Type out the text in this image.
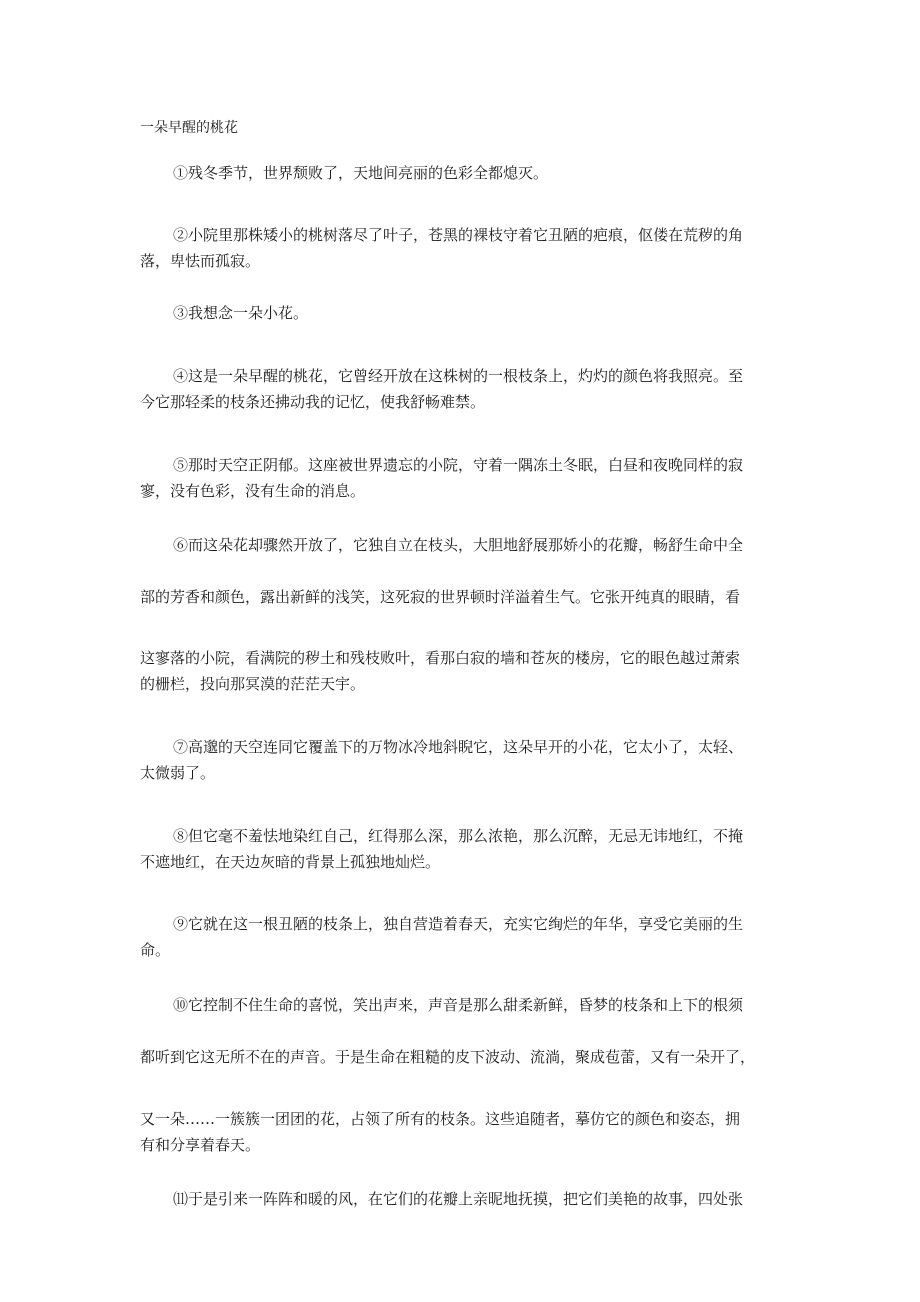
一朵早醒的桃花
①残冬季节，世界颓败了，天地间亮丽的色彩全都熄灭。
②小院里那株矮小的桃树落尽了叶子，苍黑的裸枝守着它丑陋的疤痕，伛偻在荒秽的角
落，卑怯而孤寂。
③我想念一朵小花。
④这是一朵早醒的桃花，它曾经开放在这株树的一根枝条上，灼灼的颜色将我照亮。至
今它那轻柔的枝条还拂动我的记忆，使我舒畅难禁。
⑤那时天空正阴郁。这座被世界遗忘的小院，守着一隅冻土冬眠，白昼和夜晚同样的寂
寥，没有色彩，没有生命的消息。
⑥而这朵花却骤然开放了，它独自立在枝头，大胆地舒展那娇小的花瓣，畅舒生命中全
部的芳香和颜色，露出新鲜的浅笑，这死寂的世界顿时洋溢着生气。它张开纯真的眼睛，看
这寥落的小院，看满院的秽土和残枝败叶，看那白寂的墙和苍灰的楼房，它的眼色越过萧索
的栅栏，投向那冥漠的茫茫天宇。
⑦高邈的天空连同它覆盖下的万物冰冷地斜睨它，这朵早开的小花，它太小了，太轻、
太微弱了。
⑧但它毫不羞怯地染红自己，红得那么深，那么浓艳，那么沉醉，无忌无讳地红，不掩
不遮地红，在天边灰暗的背景上孤独地灿烂。
⑨它就在这一根丑陋的枝条上，独自营造着春天，充实它绚烂的年华，享受它美丽的生
命。
⑩它控制不住生命的喜悦，笑出声来，声音是那么甜柔新鲜，昏梦的枝条和上下的根须
都听到它这无所不在的声音。于是生命在粗糙的皮下波动、流淌，聚成苞蕾，又有一朵开了，
又一朵……一簇簇一团团的花，占领了所有的枝条。这些追随者，摹仿它的颜色和姿态，拥
有和分享着春天。
⑾于是引来一阵阵和暖的风，在它们的花瓣上亲昵地抚摸，把它们美艳的故事，四处张
